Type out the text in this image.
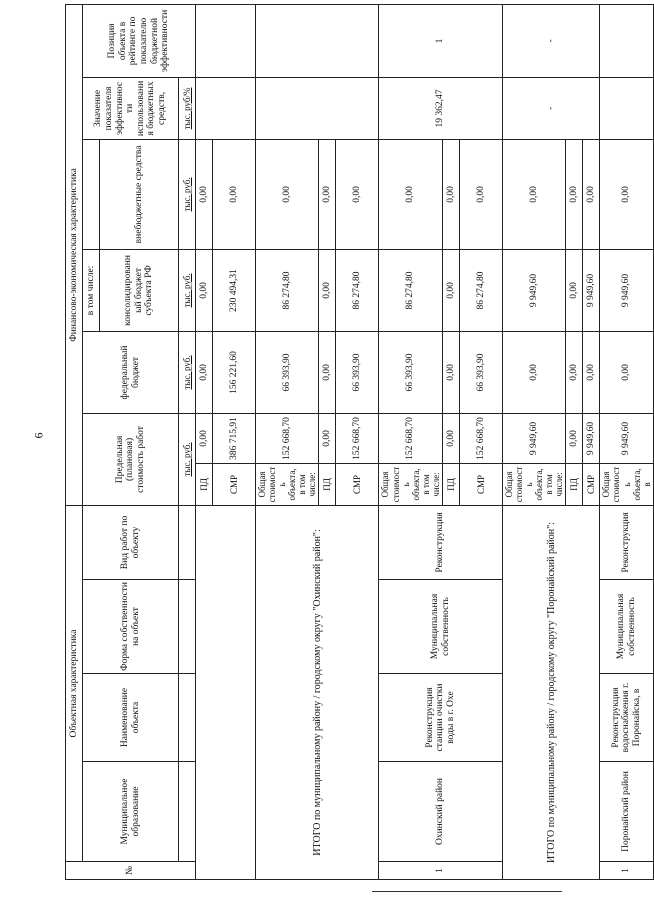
6
№	Объектная характеристика				Финансово-экономическая характеристика						
	Муниципальное образование	Наименование объекта	Форма собственности на объект	Вид работ по объекту	Предельная (плановая) стоимость работ		федеральный бюджет	в том числе:		Значение показателя эффективности использования бюджетных средств,	Позиция объекта в рейтинге по показателю бюджетной эффективности
								консолидированный бюджет субъекта РФ	внебюджетные средства		
					тыс. руб.		тыс. руб.	тыс. руб.	тыс. руб.	тыс. руб/%	
					ПД	0,00	0,00	0,00	0,00		
					СМР	386 715,91	156 221,60	230 494,31	0,00		
ИТОГО по муниципальному району / городскому округу "Охинский район":					Общая стоимость объекта, в том числе:	152 668,70	66 393,90	86 274,80	0,00		
					ПД	0,00	0,00	0,00	0,00		
					СМР	152 668,70	66 393,90	86 274,80	0,00		
1	Охинский район	Реконструкция станции очистки воды в г. Охе	Муниципальная собственность	Реконструкция	Общая стоимость объекта, в том числе:	152 668,70	66 393,90	86 274,80	0,00	19 362,47	1
					ПД	0,00	0,00	0,00	0,00		
					СМР	152 668,70	66 393,90	86 274,80	0,00		
ИТОГО по муниципальному району / городскому округу "Поронайский район":					Общая стоимость объекта, в том числе:	9 949,60	0,00	9 949,60	0,00	-	-
					ПД	0,00	0,00	0,00	0,00		
					СМР	9 949,60	0,00	9 949,60	0,00		
1	Поронайский район	Реконструкция водоснабжения г. Поронайска, в	Муниципальная собственность	Реконструкция	Общая стоимость объекта, в	9 949,60	0,00	9 949,60	0,00		
